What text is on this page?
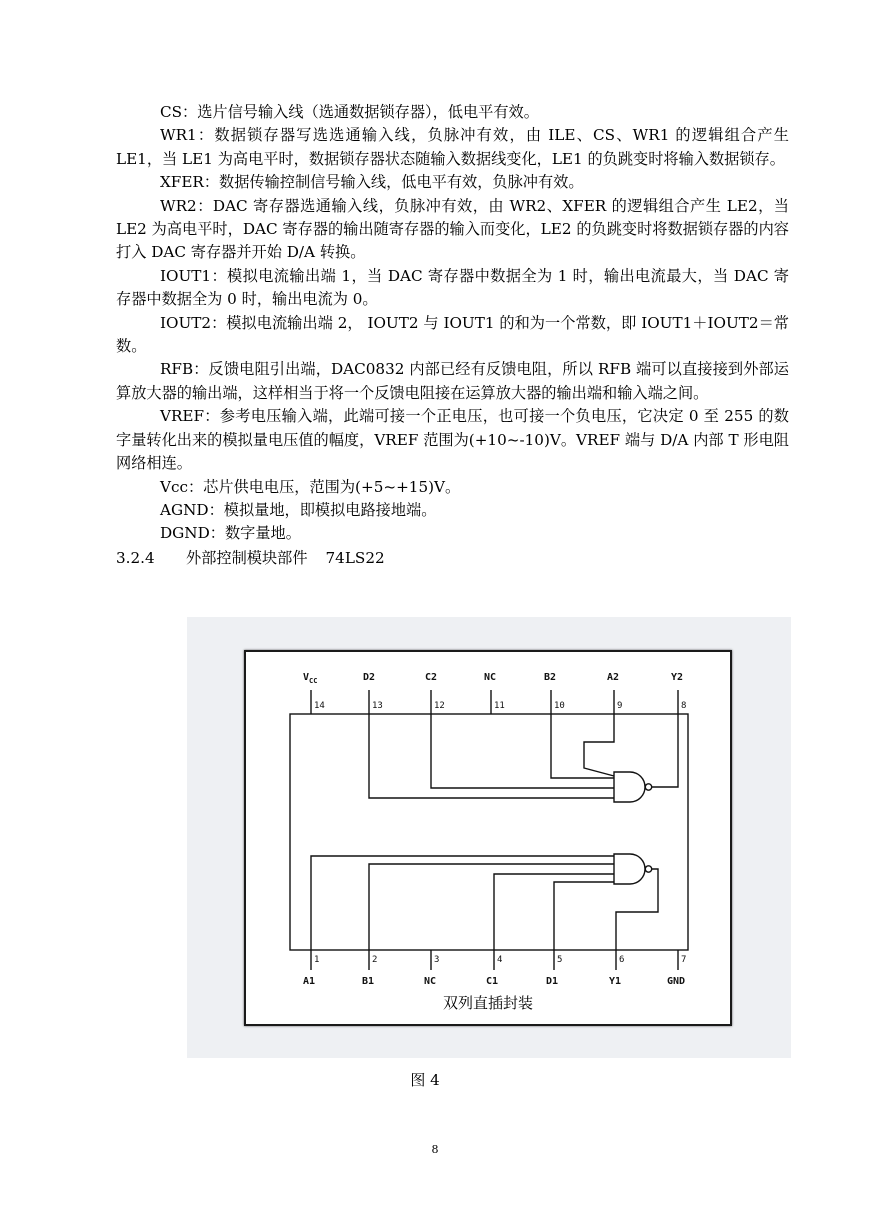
CS：选片信号输入线（选通数据锁存器），低电平有效。

WR1：数据锁存器写选选通输入线，负脉冲有效，由 ILE、CS、WR1 的逻辑组合产生 LE1，当 LE1 为高电平时，数据锁存器状态随输入数据线变化，LE1 的负跳变时将输入数据锁存。

XFER：数据传输控制信号输入线，低电平有效，负脉冲有效。

WR2：DAC 寄存器选通输入线，负脉冲有效，由 WR2、XFER 的逻辑组合产生 LE2，当 LE2 为高电平时，DAC 寄存器的输出随寄存器的输入而变化，LE2 的负跳变时将数据锁存器的内容打入 DAC 寄存器并开始 D/A 转换。

IOUT1：模拟电流输出端 1，当 DAC 寄存器中数据全为 1 时，输出电流最大，当 DAC 寄存器中数据全为 0 时，输出电流为 0。

IOUT2：模拟电流输出端 2， IOUT2 与 IOUT1 的和为一个常数，即 IOUT1＋IOUT2＝常数。

RFB：反馈电阻引出端，DAC0832 内部已经有反馈电阻，所以 RFB 端可以直接接到外部运算放大器的输出端，这样相当于将一个反馈电阻接在运算放大器的输出端和输入端之间。

VREF：参考电压输入端，此端可接一个正电压，也可接一个负电压，它决定 0 至 255 的数字量转化出来的模拟量电压值的幅度，VREF 范围为(+10~-10)V。VREF 端与 D/A 内部 T 形电阻网络相连。

Vcc：芯片供电电压，范围为(+5~+15)V。

AGND：模拟量地，即模拟电路接地端。

DGND：数字量地。

3.2.4 外部控制模块部件 74LS22

$V_{CC}$	D2	C2	NC	B2	A2	Y2
14	13	12	11	10	9	8
1	2	3	4	5	6	7
A1	B1	NC	C1	D1	Y1	GND
双列直插封装
图 4
8
